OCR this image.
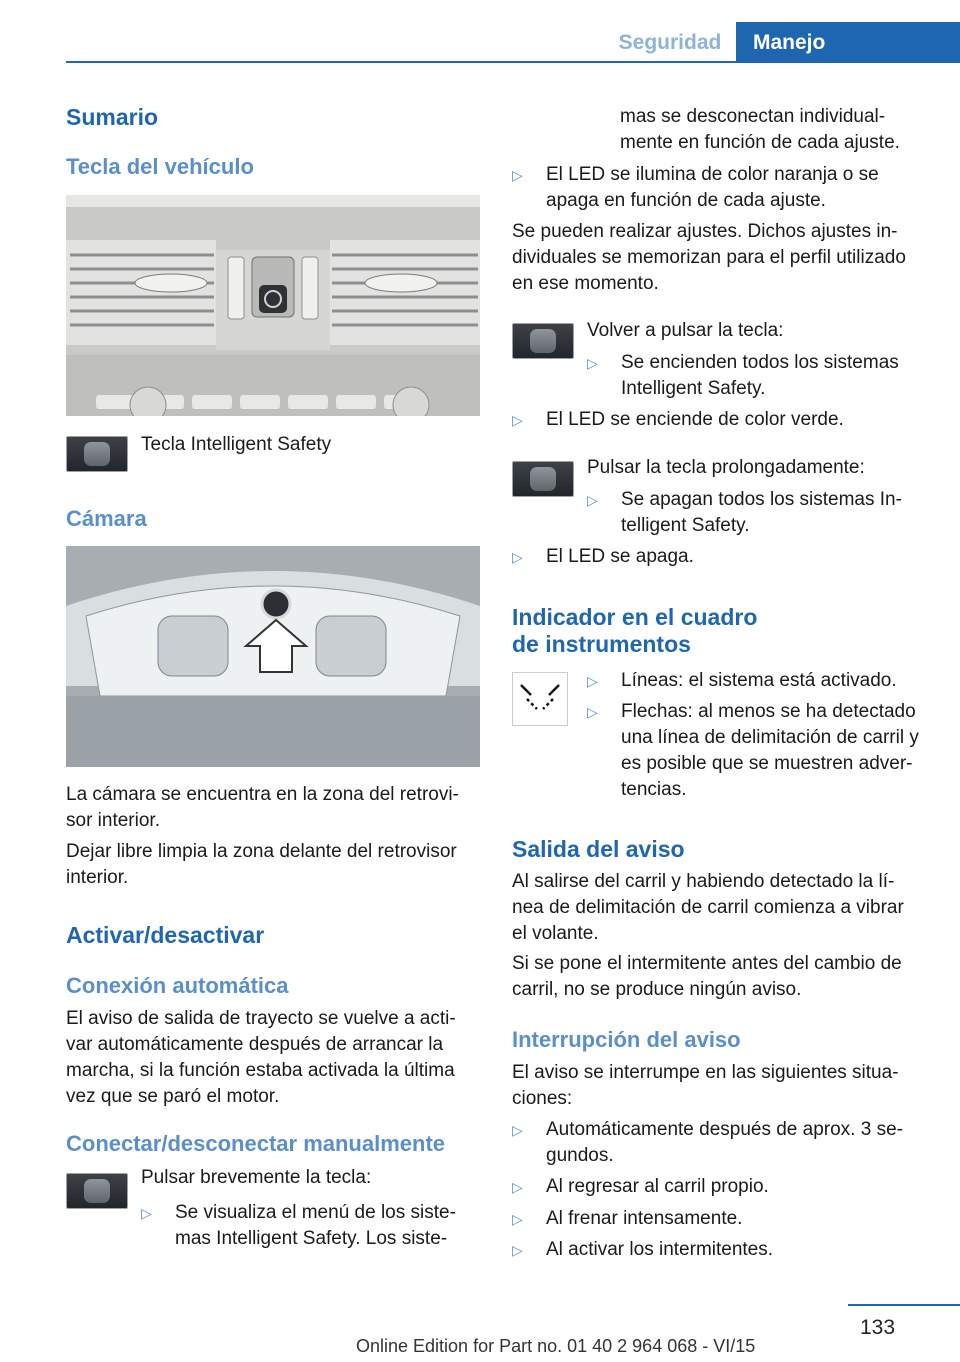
Seguridad	Manejo
Sumario
Tecla del vehículo

Tecla Intelligent Safety

Cámara

La cámara se encuentra en la zona del retrovi-

sor interior.

Dejar libre limpia la zona delante del retrovisor

interior.

Activar/desactivar
Conexión automática

El aviso de salida de trayecto se vuelve a acti-

var automáticamente después de arrancar la

marcha, si la función estaba activada la última

vez que se paró el motor.

Conectar/desconectar manualmente

Pulsar brevemente la tecla:

▷ Se visualiza el menú de los siste-
mas Intelligent Safety. Los siste-

mas se desconectan individual-

mente en función de cada ajuste.

▷ El LED se ilumina de color naranja o se
apaga en función de cada ajuste.

Se pueden realizar ajustes. Dichos ajustes in-

dividuales se memorizan para el perfil utilizado

en ese momento.

Volver a pulsar la tecla:

▷ Se encienden todos los sistemas
Intelligent Safety.
▷ El LED se enciende de color verde.

Pulsar la tecla prolongadamente:

▷ Se apagan todos los sistemas In-
telligent Safety.
▷ El LED se apaga.
Indicador en el cuadro
de instrumentos
▷ Líneas: el sistema está activado.
▷ Flechas: al menos se ha detectado
una línea de delimitación de carril y
es posible que se muestren adver-
tencias.
Salida del aviso

Al salirse del carril y habiendo detectado la lí-

nea de delimitación de carril comienza a vibrar

el volante.

Si se pone el intermitente antes del cambio de

carril, no se produce ningún aviso.

Interrupción del aviso

El aviso se interrumpe en las siguientes situa-

ciones:

▷ Automáticamente después de aprox. 3 se-
gundos.
▷ Al regresar al carril propio.
▷ Al frenar intensamente.
▷ Al activar los intermitentes.
133
Online Edition for Part no. 01 40 2 964 068 - VI/15
